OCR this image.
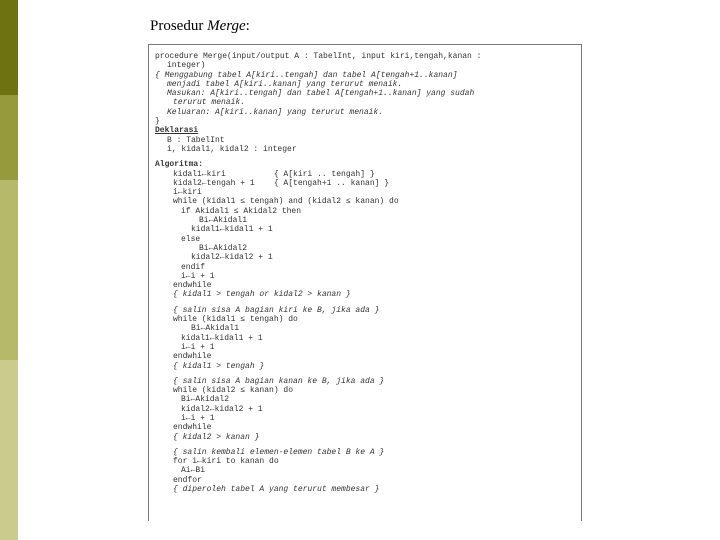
Prosedur Merge:
procedure Merge(input/output A : TabelInt, input kiri,tengah,kanan :
integer)
{ Menggabung tabel A[kiri..tengah] dan tabel A[tengah+1..kanan]
menjadi tabel A[kiri..kanan] yang terurut menaik.
Masukan: A[kiri..tengah] dan tabel A[tengah+1..kanan] yang sudah
terurut menaik.
Keluaran: A[kiri..kanan] yang terurut menaik.
}
Deklarasi
B : TabelInt
i, kidal1, kidal2 : integer
Algoritma:
kidal1←kiri          { A[kiri .. tengah] }
kidal2←tengah + 1    { A[tengah+1 .. kanan] }
i←kiri
while (kidal1 ≤ tengah) and (kidal2 ≤ kanan) do
if Akidal1 ≤ Akidal2 then
Bi←Akidal1
kidal1←kidal1 + 1
else
Bi←Akidal2
kidal2←kidal2 + 1
endif
i←i + 1
endwhile
{ kidal1 > tengah or kidal2 > kanan }
{ salin sisa A bagian kiri ke B, jika ada }
while (kidal1 ≤ tengah) do
Bi←Akidal1
kidal1←kidal1 + 1
i←i + 1
endwhile
{ kidal1 > tengah }
{ salin sisa A bagian kanan ke B, jika ada }
while (kidal2 ≤ kanan) do
Bi←Akidal2
kidal2←kidal2 + 1
i←i + 1
endwhile
{ kidal2 > kanan }
{ salin kembali elemen-elemen tabel B ke A }
for i←kiri to kanan do
Ai←Bi
endfor
{ diperoleh tabel A yang terurut membesar }
